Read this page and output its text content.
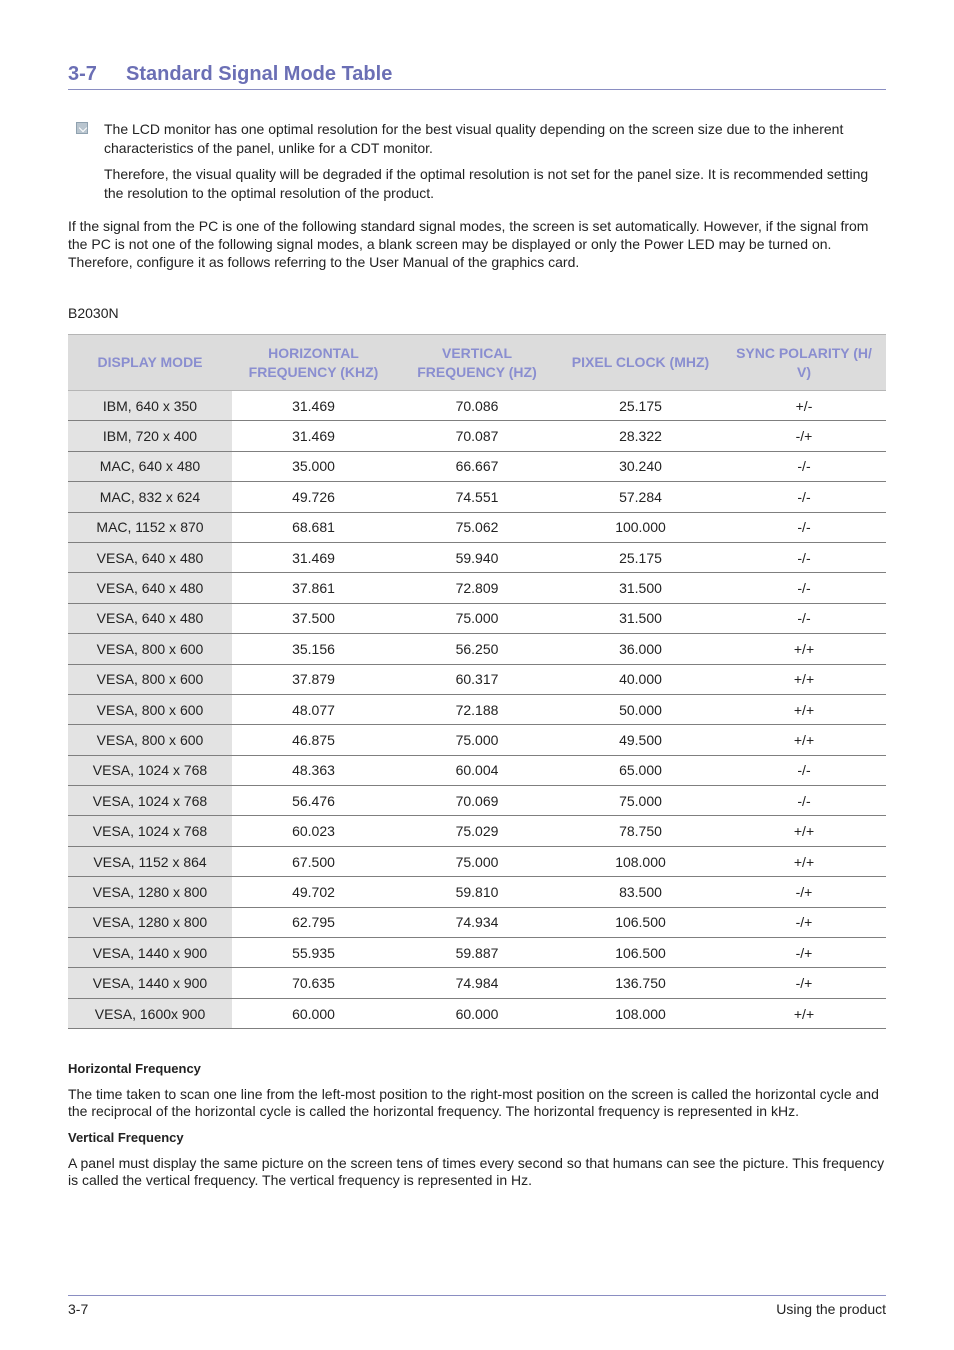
3-7 Standard Signal Mode Table

The LCD monitor has one optimal resolution for the best visual quality depending on the screen size due to the inherent characteristics of the panel, unlike for a CDT monitor.

Therefore, the visual quality will be degraded if the optimal resolution is not set for the panel size. It is recommended setting the resolution to the optimal resolution of the product.

If the signal from the PC is one of the following standard signal modes, the screen is set automatically. However, if the signal from the PC is not one of the following signal modes, a blank screen may be displayed or only the Power LED may be turned on. Therefore, configure it as follows referring to the User Manual of the graphics card.

B2030N
DISPLAY MODE	HORIZONTAL FREQUENCY (KHZ)	VERTICAL FREQUENCY (HZ)	PIXEL CLOCK (MHZ)	SYNC POLARITY (H/ V)
IBM, 640 x 350	31.469	70.086	25.175	+/-
IBM, 720 x 400	31.469	70.087	28.322	-/+
MAC, 640 x 480	35.000	66.667	30.240	-/-
MAC, 832 x 624	49.726	74.551	57.284	-/-
MAC, 1152 x 870	68.681	75.062	100.000	-/-
VESA, 640 x 480	31.469	59.940	25.175	-/-
VESA, 640 x 480	37.861	72.809	31.500	-/-
VESA, 640 x 480	37.500	75.000	31.500	-/-
VESA, 800 x 600	35.156	56.250	36.000	+/+
VESA, 800 x 600	37.879	60.317	40.000	+/+
VESA, 800 x 600	48.077	72.188	50.000	+/+
VESA, 800 x 600	46.875	75.000	49.500	+/+
VESA, 1024 x 768	48.363	60.004	65.000	-/-
VESA, 1024 x 768	56.476	70.069	75.000	-/-
VESA, 1024 x 768	60.023	75.029	78.750	+/+
VESA, 1152 x 864	67.500	75.000	108.000	+/+
VESA, 1280 x 800	49.702	59.810	83.500	-/+
VESA, 1280 x 800	62.795	74.934	106.500	-/+
VESA, 1440 x 900	55.935	59.887	106.500	-/+
VESA, 1440 x 900	70.635	74.984	136.750	-/+
VESA, 1600x 900	60.000	60.000	108.000	+/+
Horizontal Frequency

The time taken to scan one line from the left-most position to the right-most position on the screen is called the horizontal cycle and the reciprocal of the horizontal cycle is called the horizontal frequency. The horizontal frequency is represented in kHz.

Vertical Frequency

A panel must display the same picture on the screen tens of times every second so that humans can see the picture. This frequency is called the vertical frequency. The vertical frequency is represented in Hz.

3-7	Using the product
